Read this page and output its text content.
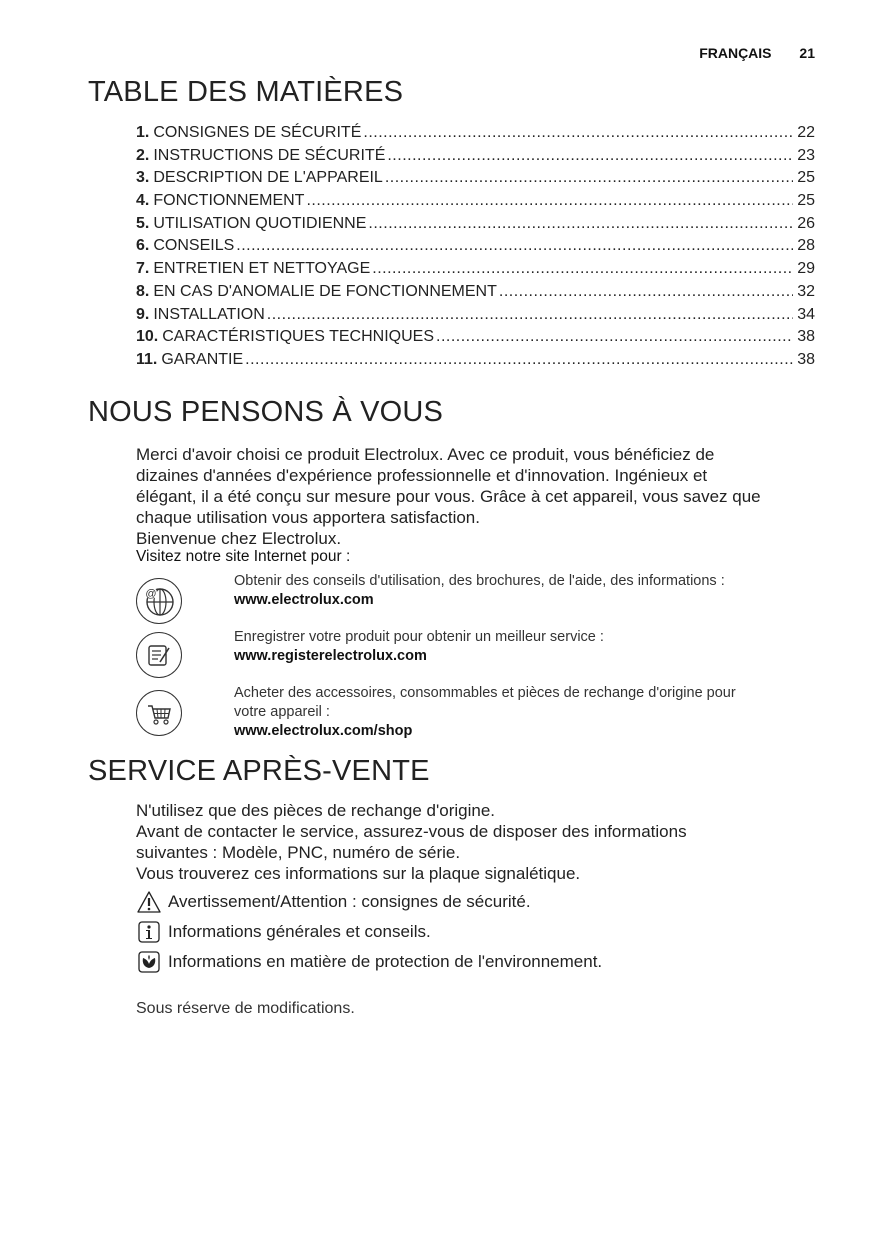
FRANÇAIS 21
TABLE DES MATIÈRES
1. CONSIGNES DE SÉCURITÉ .....	22
2. INSTRUCTIONS DE SÉCURITÉ .....	23
3. DESCRIPTION DE L'APPAREIL .....	25
4. FONCTIONNEMENT .....	25
5. UTILISATION QUOTIDIENNE .....	26
6. CONSEILS .....	28
7. ENTRETIEN ET NETTOYAGE .....	29
8. EN CAS D'ANOMALIE DE FONCTIONNEMENT .....	32
9. INSTALLATION .....	34
10. CARACTÉRISTIQUES TECHNIQUES .....	38
11. GARANTIE .....	38
NOUS PENSONS À VOUS
Merci d'avoir choisi ce produit Electrolux. Avec ce produit, vous bénéficiez de
dizaines d'années d'expérience professionnelle et d'innovation. Ingénieux et
élégant, il a été conçu sur mesure pour vous. Grâce à cet appareil, vous savez que
chaque utilisation vous apportera satisfaction.
Bienvenue chez Electrolux.
Visitez notre site Internet pour :
@
Obtenir des conseils d'utilisation, des brochures, de l'aide, des informations :
www.electrolux.com
Enregistrer votre produit pour obtenir un meilleur service :
www.registerelectrolux.com
Acheter des accessoires, consommables et pièces de rechange d'origine pour
votre appareil :
www.electrolux.com/shop
SERVICE APRÈS-VENTE
N'utilisez que des pièces de rechange d'origine.
Avant de contacter le service, assurez-vous de disposer des informations
suivantes : Modèle, PNC, numéro de série.
Vous trouverez ces informations sur la plaque signalétique.
Avertissement/Attention : consignes de sécurité.
Informations générales et conseils.
Informations en matière de protection de l'environnement.
Sous réserve de modifications.
